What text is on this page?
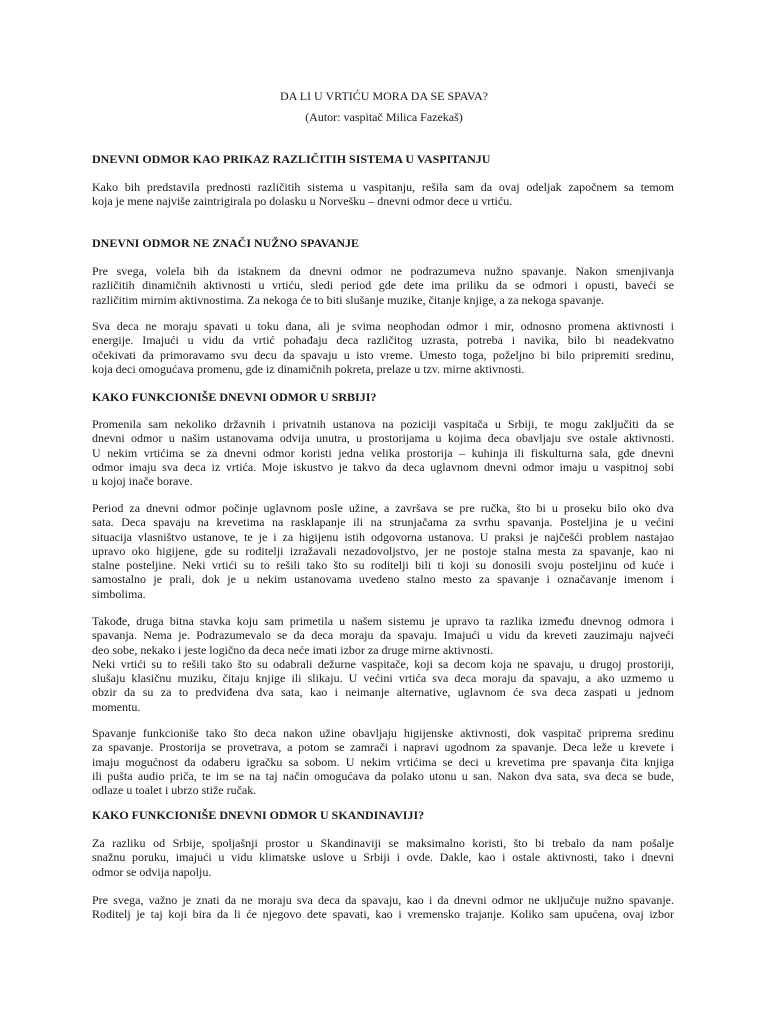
DA LI U VRTIĆU MORA DA SE SPAVA?
(Autor: vaspitač Milica Fazekaš)
DNEVNI ODMOR KAO PRIKAZ RAZLIČITIH SISTEMA U VASPITANJU
Kako bih predstavila prednosti različitih sistema u vaspitanju, rešila sam da ovaj odeljak započnem sa temom
koja je mene najviše zaintrigirala po dolasku u Norvešku – dnevni odmor dece u vrtiću.
DNEVNI ODMOR NE ZNAČI NUŽNO SPAVANJE
Pre svega, volela bih da istaknem da dnevni odmor ne podrazumeva nužno spavanje. Nakon smenjivanja
različitih dinamičnih aktivnosti u vrtiću, sledi period gde dete ima priliku da se odmori i opusti, baveći se
različitim mirnim aktivnostima. Za nekoga će to biti slušanje muzike, čitanje knjige, a za nekoga spavanje.
Sva deca ne moraju spavati u toku dana, ali je svima neophodan odmor i mir, odnosno promena aktivnosti i
energije. Imajući u vidu da vrtić pohađaju deca različitog uzrasta, potreba i navika, bilo bi neadekvatno
očekivati da primoravamo svu decu da spavaju u isto vreme. Umesto toga, poželjno bi bilo pripremiti sredinu,
koja deci omogućava promenu, gde iz dinamičnih pokreta, prelaze u tzv. mirne aktivnosti.
KAKO FUNKCIONIŠE DNEVNI ODMOR U SRBIJI?
Promenila sam nekoliko državnih i privatnih ustanova na poziciji vaspitača u Srbiji, te mogu zaključiti da se
dnevni odmor u našim ustanovama odvija unutra, u prostorijama u kojima deca obavljaju sve ostale aktivnosti.
U nekim vrtićima se za dnevni odmor koristi jedna velika prostorija – kuhinja ili fiskulturna sala, gde dnevni
odmor imaju sva deca iz vrtića. Moje iskustvo je takvo da deca uglavnom dnevni odmor imaju u vaspitnoj sobi
u kojoj inače borave.
Period za dnevni odmor počinje uglavnom posle užine, a završava se pre ručka, što bi u proseku bilo oko dva
sata. Deca spavaju na krevetima na rasklapanje ili na strunjačama za svrhu spavanja. Posteljina je u većini
situacija vlasništvo ustanove, te je i za higijenu istih odgovorna ustanova. U praksi je najčešći problem nastajao
upravo oko higijene, gde su roditelji izražavali nezadovoljstvo, jer ne postoje stalna mesta za spavanje, kao ni
stalne posteljine. Neki vrtići su to rešili tako što su roditelji bili ti koji su donosili svoju posteljinu od kuće i
samostalno je prali, dok je u nekim ustanovama uvedeno stalno mesto za spavanje i označavanje imenom i
simbolima.
Takođe, druga bitna stavka koju sam primetila u našem sistemu je upravo ta razlika između dnevnog odmora i
spavanja. Nema je. Podrazumevalo se da deca moraju da spavaju. Imajući u vidu da kreveti zauzimaju najveći
deo sobe, nekako i jeste logično da deca neće imati izbor za druge mirne aktivnosti.
Neki vrtići su to rešili tako što su odabrali dežurne vaspitače, koji sa decom koja ne spavaju, u drugoj prostoriji,
slušaju klasičnu muziku, čitaju knjige ili slikaju. U većini vrtića sva deca moraju da spavaju, a ako uzmemo u
obzir da su za to predviđena dva sata, kao i neimanje alternative, uglavnom će sva deca zaspati u jednom
momentu.
Spavanje funkcioniše tako što deca nakon užine obavljaju higijenske aktivnosti, dok vaspitač priprema sredinu
za spavanje. Prostorija se provetrava, a potom se zamrači i napravi ugodnom za spavanje. Deca leže u krevete i
imaju mogućnost da odaberu igračku sa sobom. U nekim vrtićima se deci u krevetima pre spavanja čita knjiga
ili pušta audio priča, te im se na taj način omogućava da polako utonu u san. Nakon dva sata, sva deca se bude,
odlaze u toalet i ubrzo stiže ručak.
KAKO FUNKCIONIŠE DNEVNI ODMOR U SKANDINAVIJI?
Za razliku od Srbije, spoljašnji prostor u Skandinaviji se maksimalno koristi, što bi trebalo da nam pošalje
snažnu poruku, imajući u vidu klimatske uslove u Srbiji i ovde. Dakle, kao i ostale aktivnosti, tako i dnevni
odmor se odvija napolju.
Pre svega, važno je znati da ne moraju sva deca da spavaju, kao i da dnevni odmor ne uključuje nužno spavanje.
Roditelj je taj koji bira da li će njegovo dete spavati, kao i vremensko trajanje. Koliko sam upućena, ovaj izbor
